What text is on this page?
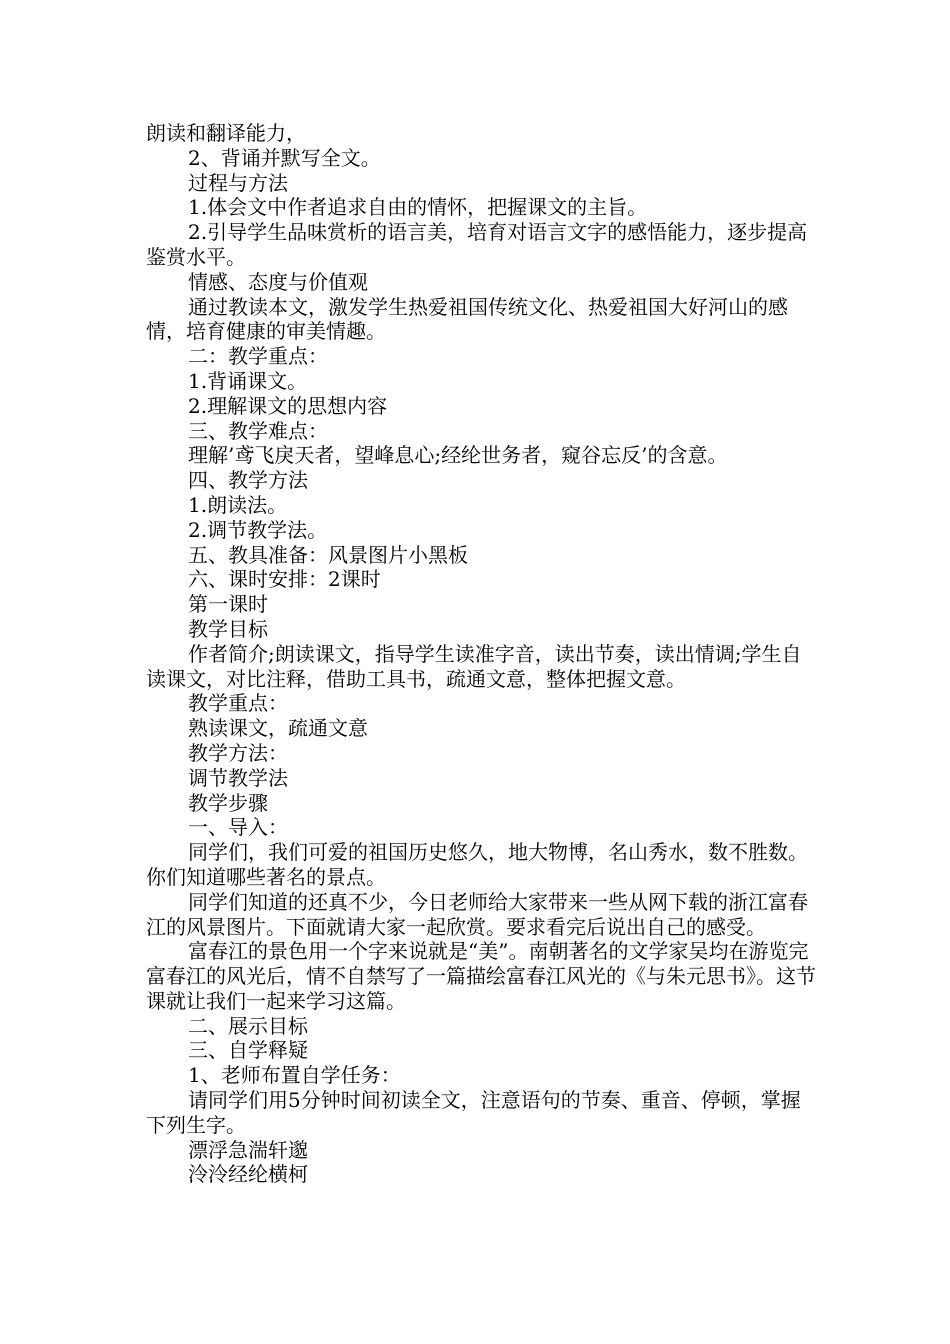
朗读和翻译能力，

2、背诵并默写全文。

过程与方法

1.体会文中作者追求自由的情怀，把握课文的主旨。

2.引导学生品味赏析的语言美，培育对语言文字的感悟能力，逐步提高鉴赏水平。

情感、态度与价值观

通过教读本文，激发学生热爱祖国传统文化、热爱祖国大好河山的感情，培育健康的审美情趣。

二：教学重点：

1.背诵课文。

2.理解课文的思想内容

三、教学难点：

理解’鸢飞戾天者，望峰息心;经纶世务者，窥谷忘反’的含意。

四、教学方法

1.朗读法。

2.调节教学法。

五、教具准备：风景图片小黑板

六、课时安排：2课时

第一课时

教学目标

作者简介;朗读课文，指导学生读准字音，读出节奏，读出情调;学生自读课文，对比注释，借助工具书，疏通文意，整体把握文意。

教学重点：

熟读课文，疏通文意

教学方法：

调节教学法

教学步骤

一、导入：

同学们，我们可爱的祖国历史悠久，地大物博，名山秀水，数不胜数。你们知道哪些著名的景点。

同学们知道的还真不少，今日老师给大家带来一些从网下载的浙江富春江的风景图片。下面就请大家一起欣赏。要求看完后说出自己的感受。

富春江的景色用一个字来说就是“美”。南朝著名的文学家吴均在游览完富春江的风光后，情不自禁写了一篇描绘富春江风光的《与朱元思书》。这节课就让我们一起来学习这篇。

二、展示目标

三、自学释疑

1、老师布置自学任务：

请同学们用5分钟时间初读全文，注意语句的节奏、重音、停顿，掌握下列生字。

漂浮急湍轩邈

泠泠经纶横柯
